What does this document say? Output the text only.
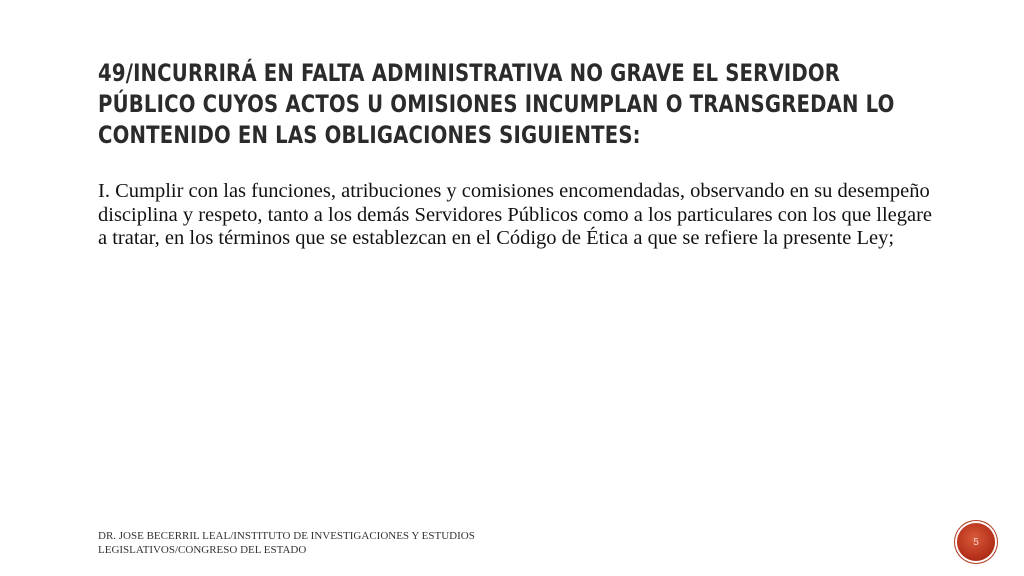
49/INCURRIRÁ EN FALTA ADMINISTRATIVA NO GRAVE EL SERVIDOR PÚBLICO CUYOS ACTOS U OMISIONES INCUMPLAN O TRANSGREDAN LO CONTENIDO EN LAS OBLIGACIONES SIGUIENTES:

I. Cumplir con las funciones, atribuciones y comisiones encomendadas, observando en su desempeño disciplina y respeto, tanto a los demás Servidores Públicos como a los particulares con los que llegare a tratar, en los términos que se establezcan en el Código de Ética a que se refiere la presente Ley;

DR. JOSE BECERRIL LEAL/INSTITUTO DE INVESTIGACIONES Y ESTUDIOS LEGISLATIVOS/CONGRESO DEL ESTADO

5
